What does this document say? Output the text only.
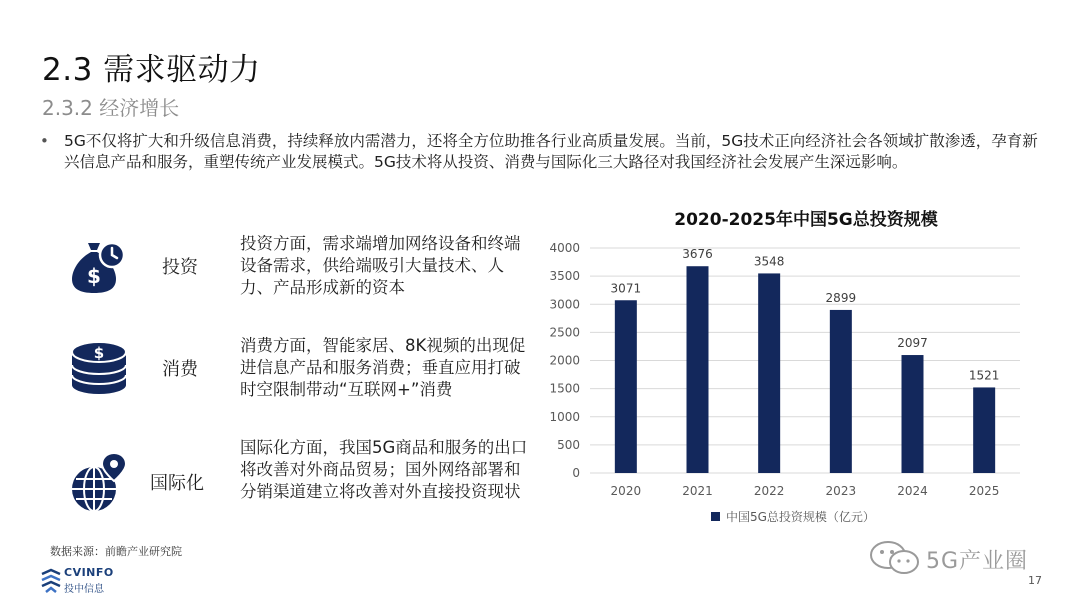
2.3 需求驱动力
2.3.2 经济增长
• 5G不仅将扩大和升级信息消费，持续释放内需潜力，还将全方位助推各行业高质量发展。当前，5G技术正向经济社会各领域扩散渗透，孕育新兴信息产品和服务，重塑传统产业发展模式。5G技术将从投资、消费与国际化三大路径对我国经济社会发展产生深远影响。
$	投资
投资方面，需求端增加网络设备和终端设备需求，供给端吸引大量技术、人力、产品形成新的资本
$
消费
消费方面，智能家居、8K视频的出现促进信息产品和服务消费；垂直应用打破时空限制带动“互联网+”消费
国际化
国际化方面，我国5G商品和服务的出口将改善对外商品贸易；国外网络部署和分销渠道建立将改善对外直接投资现状
2020-2025年中国5G总投资规模
0
500
1000
1500
2000
2500
3000
3500
4000
3071
2020
3676
2021
3548
2022
2899
2023
2097
2024
1521
2025
中国5G总投资规模（亿元）
数据来源：前瞻产业研究院
CVINFO
投中信息
5G产业圈
17
